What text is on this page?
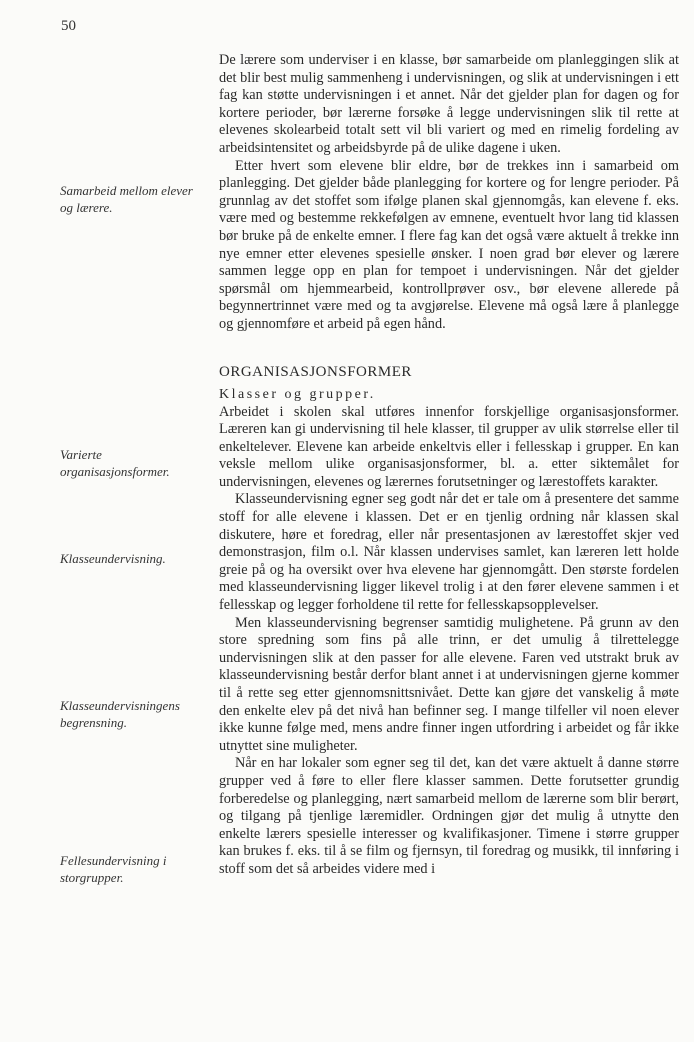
50
Samarbeid mellom elever og lærere.
Varierte organisasjonsformer.
Klasseundervisning.
Klasseundervisningens begrensning.
Fellesundervisning i storgrupper.

De lærere som underviser i en klasse, bør samarbeide om planleggingen slik at det blir best mulig sammenheng i undervisningen, og slik at undervisningen i ett fag kan støtte undervisningen i et annet. Når det gjelder plan for dagen og for kortere perioder, bør lærerne forsøke å legge undervisningen slik til rette at elevenes skolearbeid totalt sett vil bli variert og med en rimelig fordeling av arbeidsintensitet og arbeidsbyrde på de ulike dagene i uken.

Etter hvert som elevene blir eldre, bør de trekkes inn i samarbeid om planlegging. Det gjelder både planlegging for kortere og for lengre perioder. På grunnlag av det stoffet som ifølge planen skal gjennomgås, kan elevene f. eks. være med og bestemme rekkefølgen av emnene, eventuelt hvor lang tid klassen bør bruke på de enkelte emner. I flere fag kan det også være aktuelt å trekke inn nye emner etter elevenes spesielle ønsker. I noen grad bør elever og lærere sammen legge opp en plan for tempoet i undervisningen. Når det gjelder spørsmål om hjemmearbeid, kontrollprøver osv., bør elevene allerede på begynnertrinnet være med og ta avgjørelse. Elevene må også lære å planlegge og gjennomføre et arbeid på egen hånd.

ORGANISASJONSFORMER

Klasser og grupper.

Arbeidet i skolen skal utføres innenfor forskjellige organisasjonsformer. Læreren kan gi undervisning til hele klasser, til grupper av ulik størrelse eller til enkeltelever. Elevene kan arbeide enkeltvis eller i fellesskap i grupper. En kan veksle mellom ulike organisasjonsformer, bl. a. etter siktemålet for undervisningen, elevenes og lærernes forutsetninger og lærestoffets karakter.

Klasseundervisning egner seg godt når det er tale om å presentere det samme stoff for alle elevene i klassen. Det er en tjenlig ordning når klassen skal diskutere, høre et foredrag, eller når presentasjonen av lærestoffet skjer ved demonstrasjon, film o.l. Når klassen undervises samlet, kan læreren lett holde greie på og ha oversikt over hva elevene har gjennomgått. Den største fordelen med klasseundervisning ligger likevel trolig i at den fører elevene sammen i et fellesskap og legger forholdene til rette for fellesskapsopplevelser.

Men klasseundervisning begrenser samtidig mulighetene. På grunn av den store spredning som fins på alle trinn, er det umulig å tilrettelegge undervisningen slik at den passer for alle elevene. Faren ved utstrakt bruk av klasseundervisning består derfor blant annet i at undervisningen gjerne kommer til å rette seg etter gjennomsnittsnivået. Dette kan gjøre det vanskelig å møte den enkelte elev på det nivå han befinner seg. I mange tilfeller vil noen elever ikke kunne følge med, mens andre finner ingen utfordring i arbeidet og får ikke utnyttet sine muligheter.

Når en har lokaler som egner seg til det, kan det være aktuelt å danne større grupper ved å føre to eller flere klasser sammen. Dette forutsetter grundig forberedelse og planlegging, nært samarbeid mellom de lærerne som blir berørt, og tilgang på tjenlige læremidler. Ordningen gjør det mulig å utnytte den enkelte lærers spesielle interesser og kvalifikasjoner. Timene i større grupper kan brukes f. eks. til å se film og fjernsyn, til foredrag og musikk, til innføring i stoff som det så arbeides videre med i
